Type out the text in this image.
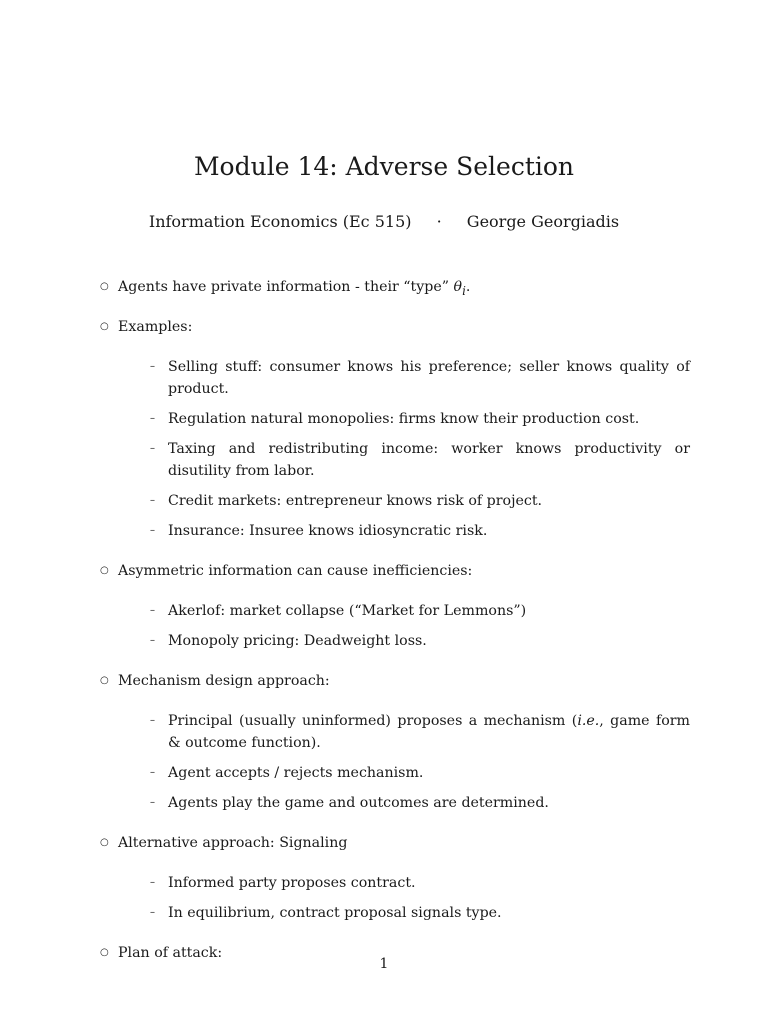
Module 14: Adverse Selection
Information Economics (Ec 515) · George Georgiadis
○ Agents have private information - their “type” $\theta_i$.
○ Examples:
– Selling stuff: consumer knows his preference; seller knows quality of product.
– Regulation natural monopolies: firms know their production cost.
– Taxing and redistributing income: worker knows productivity or disutility from labor.
– Credit markets: entrepreneur knows risk of project.
– Insurance: Insuree knows idiosyncratic risk.
○ Asymmetric information can cause inefficiencies:
– Akerlof: market collapse (“Market for Lemmons”)
– Monopoly pricing: Deadweight loss.
○ Mechanism design approach:
– Principal (usually uninformed) proposes a mechanism (i.e., game form & outcome function).
– Agent accepts / rejects mechanism.
– Agents play the game and outcomes are determined.
○ Alternative approach: Signaling
– Informed party proposes contract.
– In equilibrium, contract proposal signals type.
○ Plan of attack:
1
